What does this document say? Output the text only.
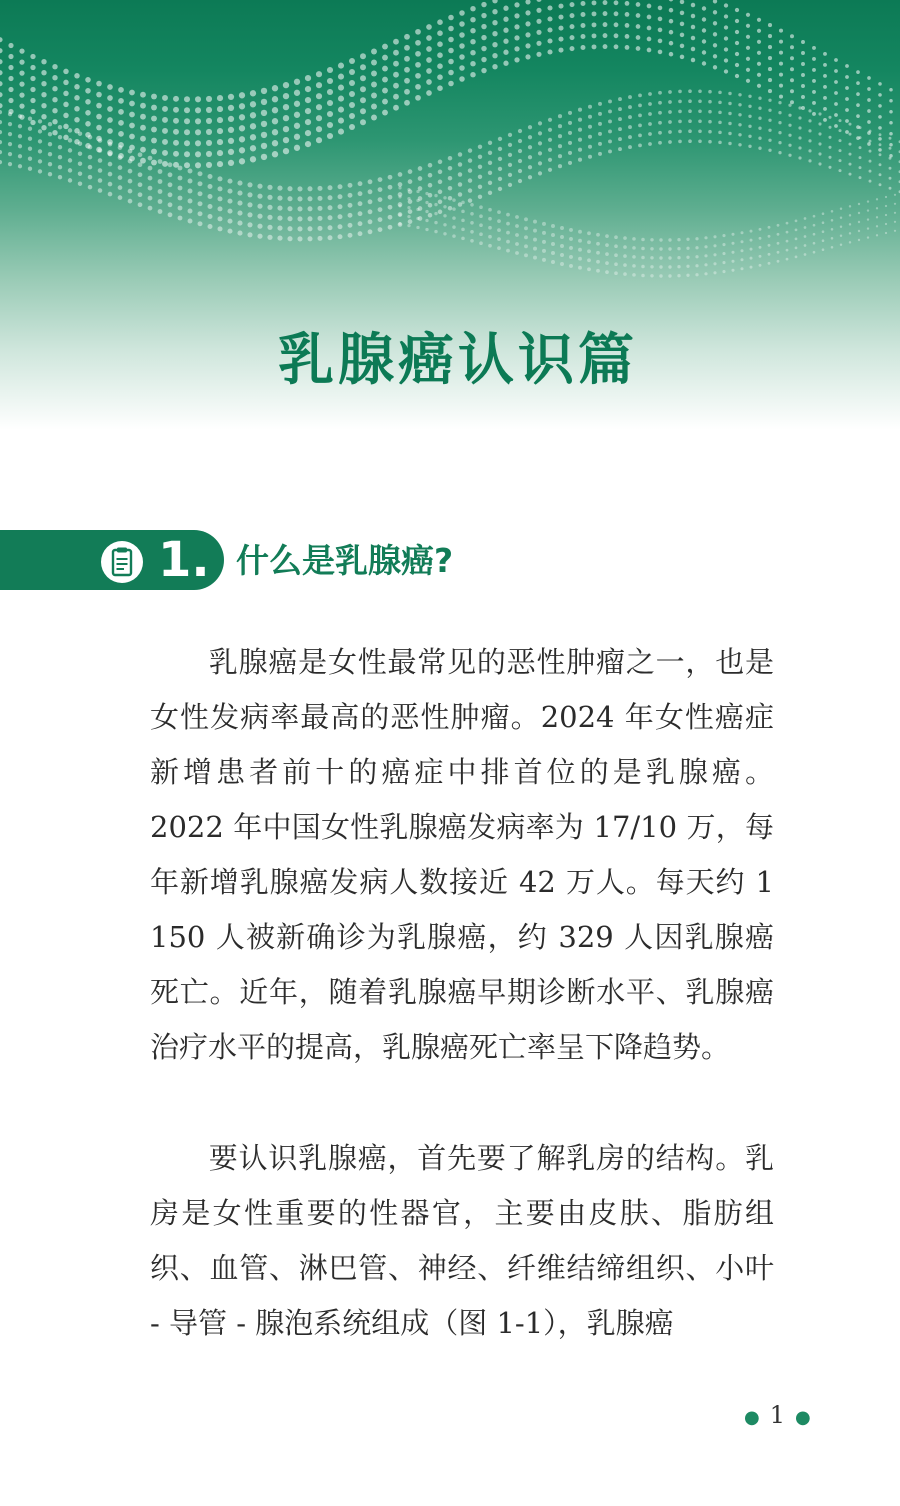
乳腺癌认识篇
1. 什么是乳腺癌?

乳腺癌是女性最常见的恶性肿瘤之一，也是女性发病率最高的恶性肿瘤。2024 年女性癌症新增患者前十的癌症中排首位的是乳腺癌。2022 年中国女性乳腺癌发病率为 17/10 万，每年新增乳腺癌发病人数接近 42 万人。每天约 1 150 人被新确诊为乳腺癌，约 329 人因乳腺癌死亡。近年，随着乳腺癌早期诊断水平、乳腺癌治疗水平的提高，乳腺癌死亡率呈下降趋势。

要认识乳腺癌，首先要了解乳房的结构。乳房是女性重要的性器官，主要由皮肤、脂肪组织、血管、淋巴管、神经、纤维结缔组织、小叶 - 导管 - 腺泡系统组成（图 1-1），乳腺癌

● 1 ●
